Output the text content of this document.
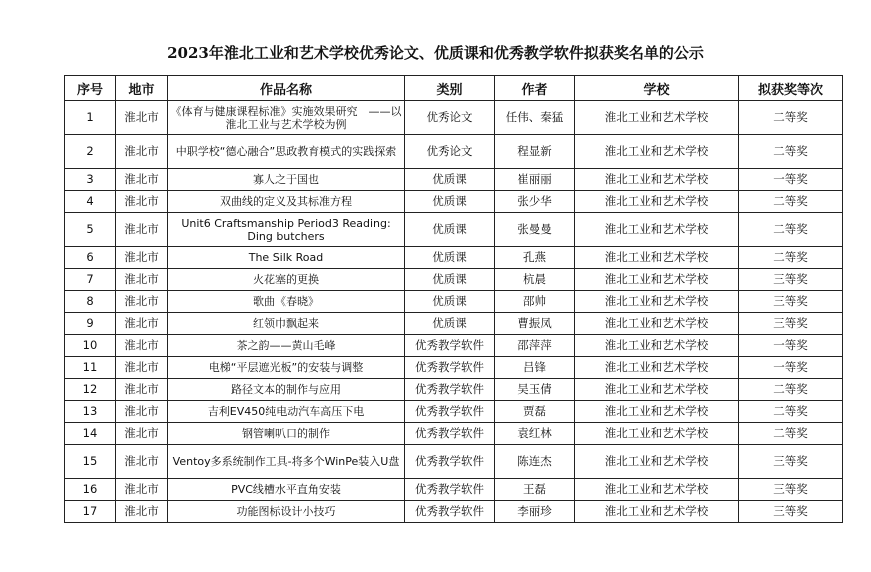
2023年淮北工业和艺术学校优秀论文、优质课和优秀教学软件拟获奖名单的公示
序号	地市	作品名称	类别	作者	学校	拟获奖等次
1	淮北市	《体育与健康课程标准》实施效果研究　——以淮北工业与艺术学校为例	优秀论文	任伟、秦猛	淮北工业和艺术学校	二等奖
2	淮北市	中职学校“德心融合”思政教育模式的实践探索	优秀论文	程显新	淮北工业和艺术学校	二等奖
3	淮北市	寡人之于国也	优质课	崔丽丽	淮北工业和艺术学校	一等奖
4	淮北市	双曲线的定义及其标准方程	优质课	张少华	淮北工业和艺术学校	二等奖
5	淮北市	Unit6 Craftsmanship Period3 Reading: Ding butchers	优质课	张曼曼	淮北工业和艺术学校	二等奖
6	淮北市	The Silk Road	优质课	孔燕	淮北工业和艺术学校	二等奖
7	淮北市	火花塞的更换	优质课	杭晨	淮北工业和艺术学校	三等奖
8	淮北市	歌曲《春晓》	优质课	邵帅	淮北工业和艺术学校	三等奖
9	淮北市	红领巾飘起来	优质课	曹振凤	淮北工业和艺术学校	三等奖
10	淮北市	茶之韵——黄山毛峰	优秀教学软件	邵萍萍	淮北工业和艺术学校	一等奖
11	淮北市	电梯“平层遮光板”的安装与调整	优秀教学软件	吕锋	淮北工业和艺术学校	一等奖
12	淮北市	路径文本的制作与应用	优秀教学软件	吴玉倩	淮北工业和艺术学校	二等奖
13	淮北市	吉利EV450纯电动汽车高压下电	优秀教学软件	贾磊	淮北工业和艺术学校	二等奖
14	淮北市	钢管喇叭口的制作	优秀教学软件	袁红林	淮北工业和艺术学校	二等奖
15	淮北市	Ventoy多系统制作工具-将多个WinPe装入U盘	优秀教学软件	陈连杰	淮北工业和艺术学校	三等奖
16	淮北市	PVC线槽水平直角安装	优秀教学软件	王磊	淮北工业和艺术学校	三等奖
17	淮北市	功能图标设计小技巧	优秀教学软件	李丽珍	淮北工业和艺术学校	三等奖
